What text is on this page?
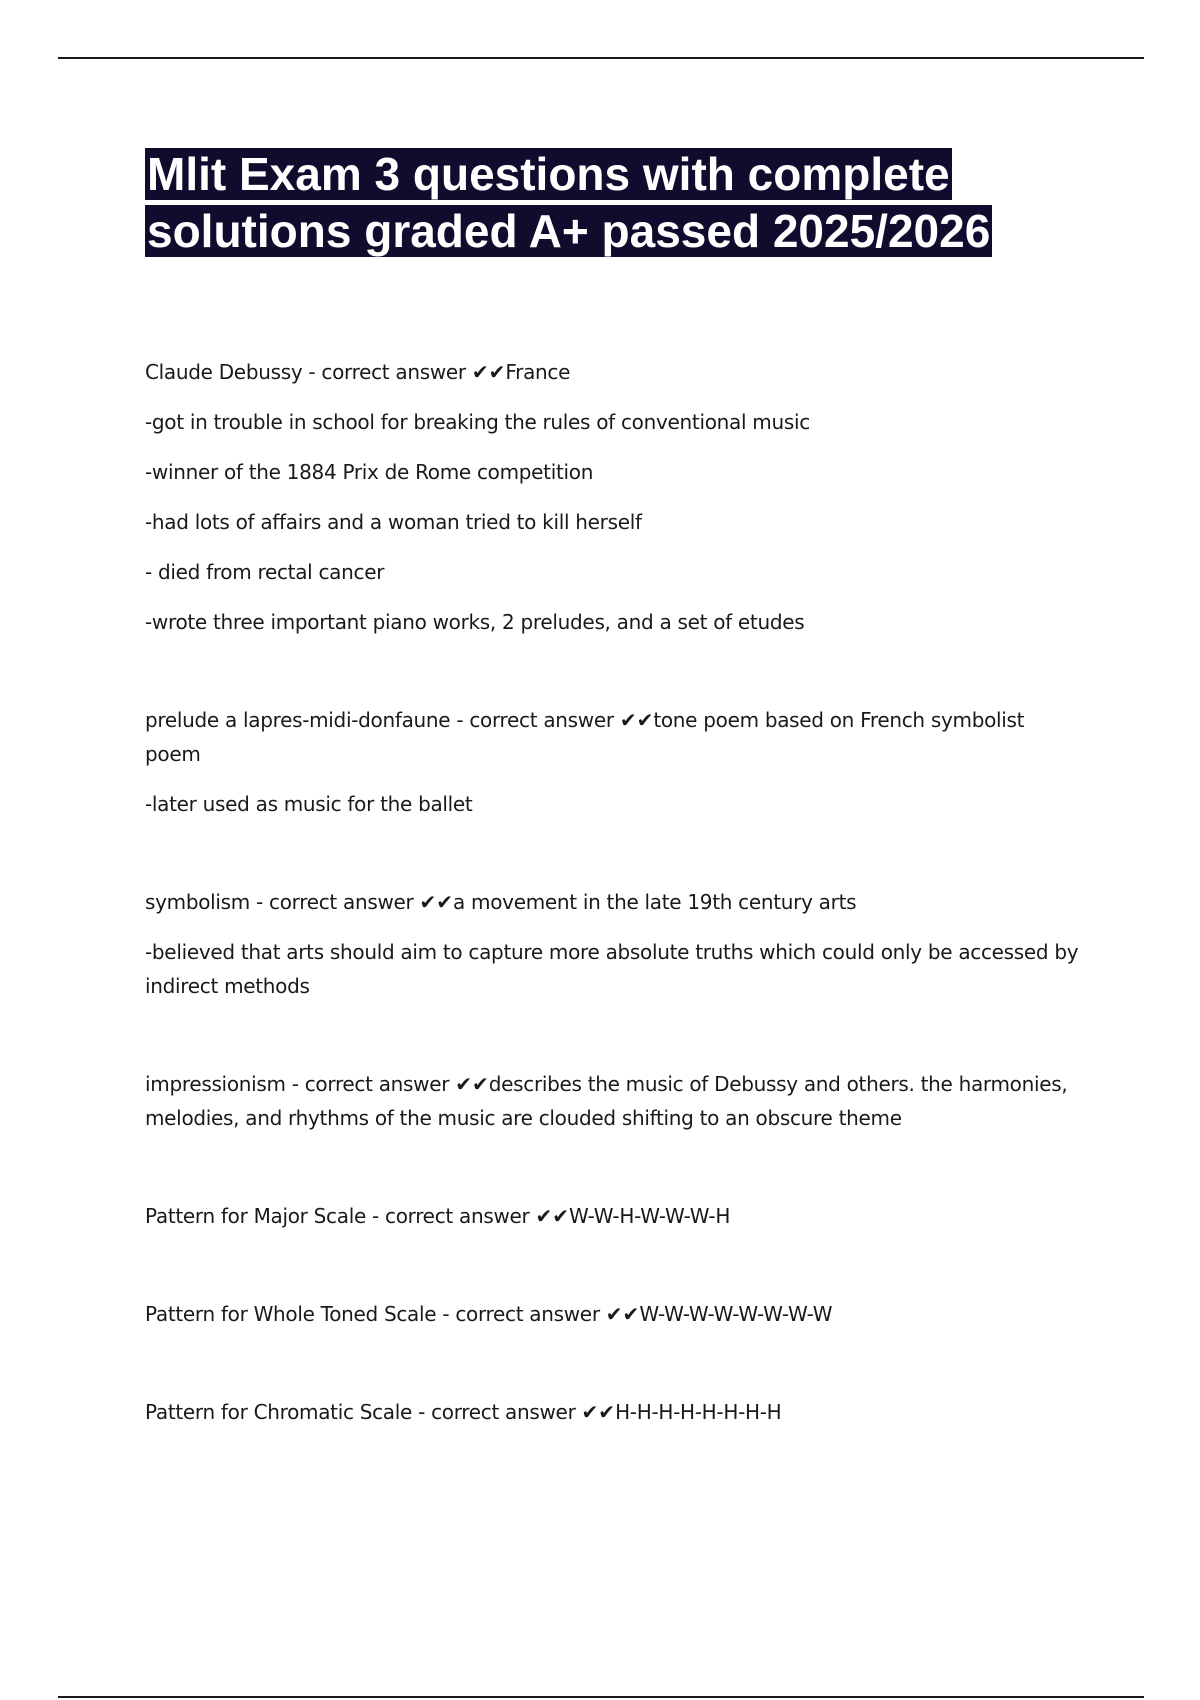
Mlit Exam 3 questions with complete solutions graded A+ passed 2025/2026

Claude Debussy - correct answer ✔✔France

-got in trouble in school for breaking the rules of conventional music

-winner of the 1884 Prix de Rome competition

-had lots of affairs and a woman tried to kill herself

- died from rectal cancer

-wrote three important piano works, 2 preludes, and a set of etudes

prelude a lapres-midi-donfaune - correct answer ✔✔tone poem based on French symbolist poem

-later used as music for the ballet

symbolism - correct answer ✔✔a movement in the late 19th century arts

-believed that arts should aim to capture more absolute truths which could only be accessed by indirect methods

impressionism - correct answer ✔✔describes the music of Debussy and others. the harmonies, melodies, and rhythms of the music are clouded shifting to an obscure theme

Pattern for Major Scale - correct answer ✔✔W-W-H-W-W-W-H

Pattern for Whole Toned Scale - correct answer ✔✔W-W-W-W-W-W-W-W

Pattern for Chromatic Scale - correct answer ✔✔H-H-H-H-H-H-H-H
